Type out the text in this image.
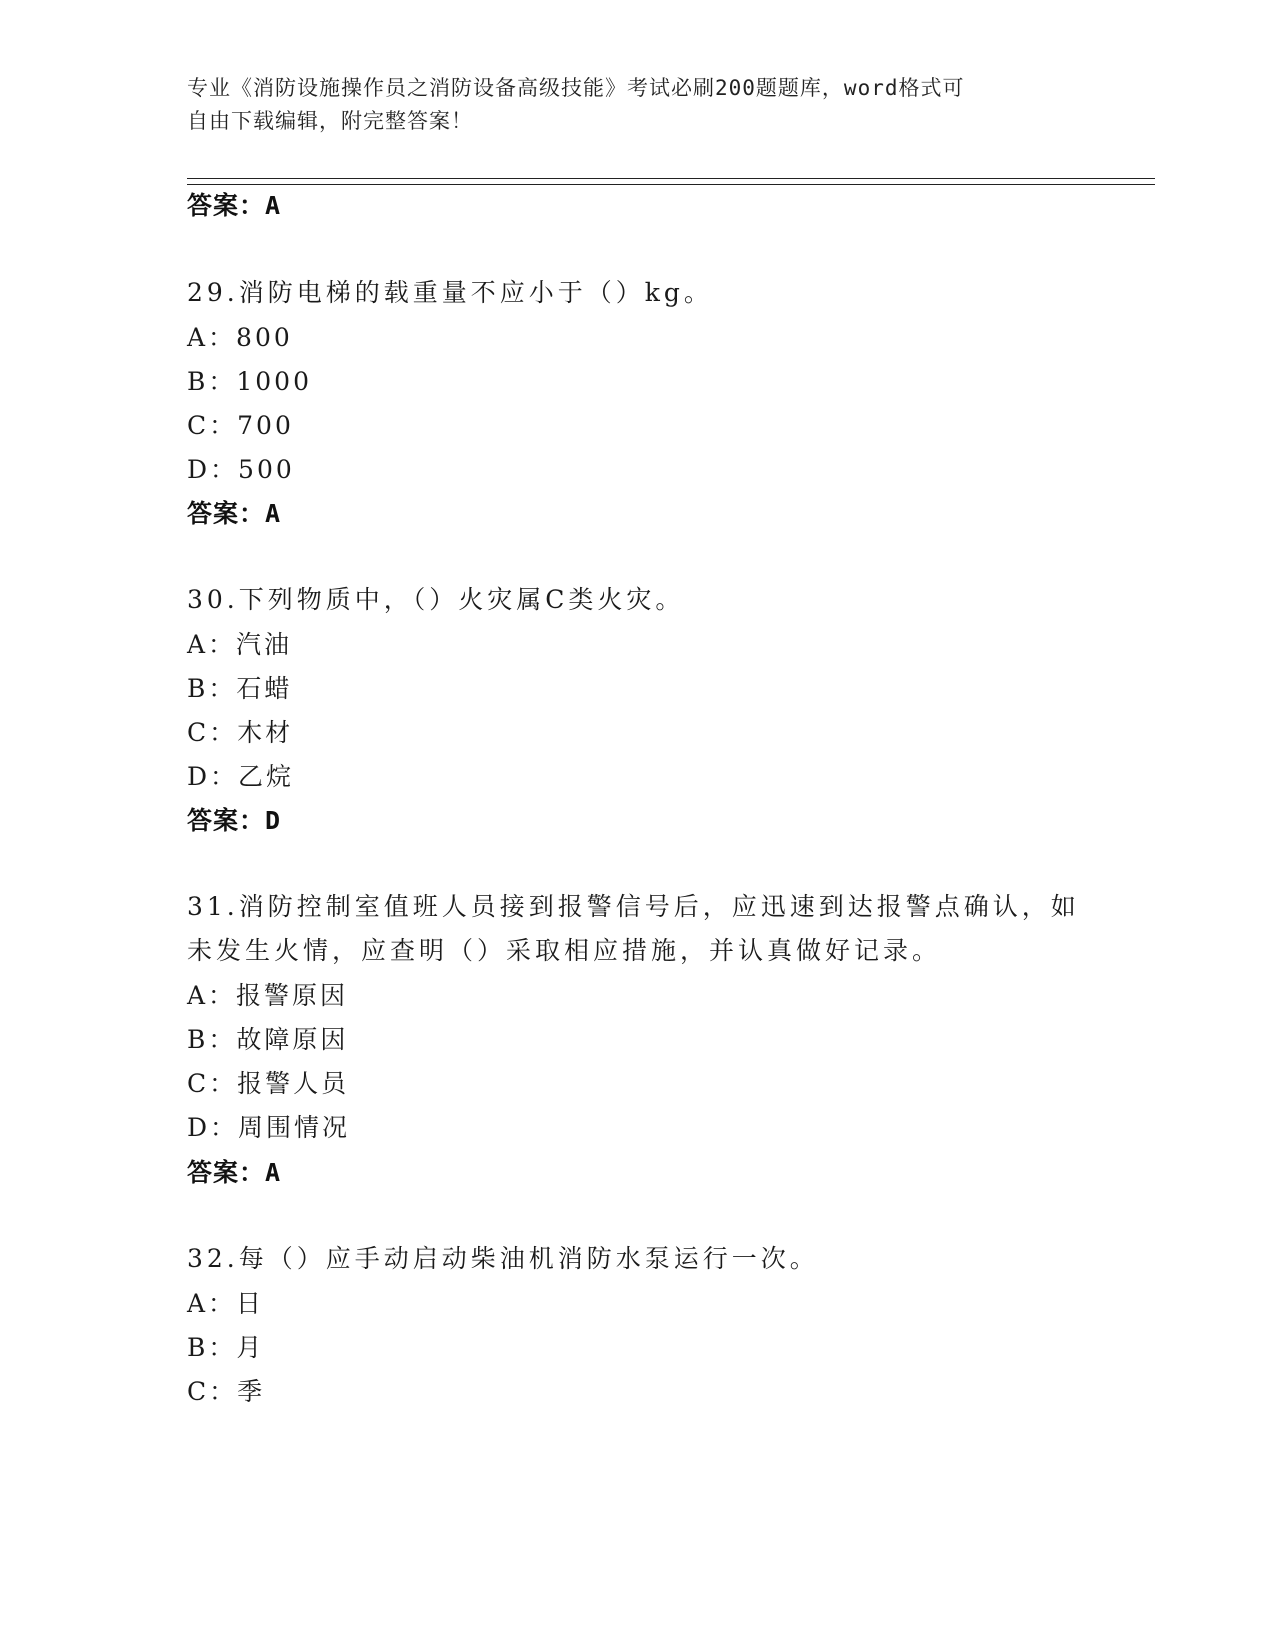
专业《消防设施操作员之消防设备高级技能》考试必刷200题题库，word格式可
自由下载编辑，附完整答案！
答案：A
29.消防电梯的载重量不应小于（）kg。
A：800
B：1000
C：700
D：500
答案：A
30.下列物质中，（）火灾属C类火灾。
A：汽油
B：石蜡
C：木材
D：乙烷
答案：D
31.消防控制室值班人员接到报警信号后，应迅速到达报警点确认，如
未发生火情，应查明（）采取相应措施，并认真做好记录。
A：报警原因
B：故障原因
C：报警人员
D：周围情况
答案：A
32.每（）应手动启动柴油机消防水泵运行一次。
A：日
B：月
C：季
